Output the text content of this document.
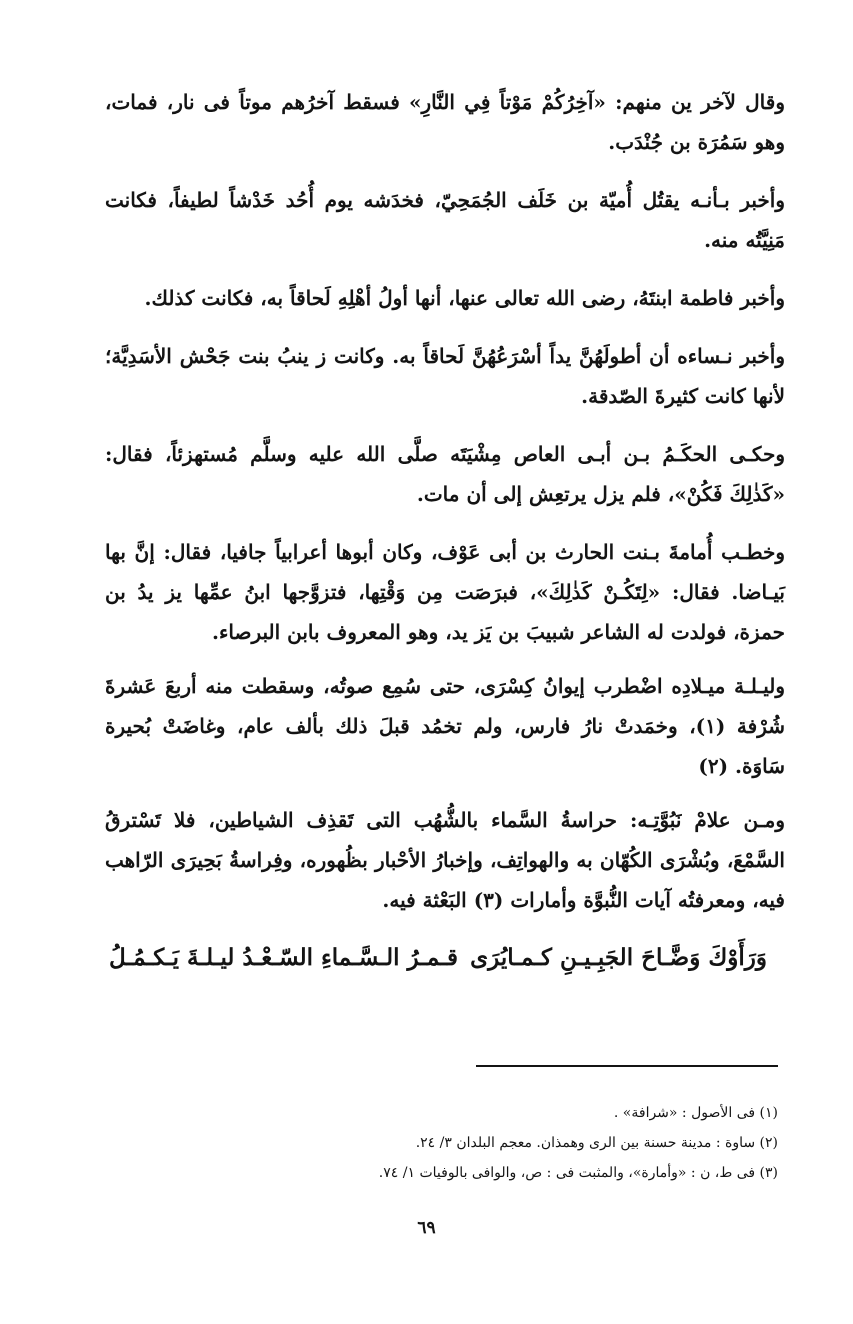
وقال لآخر ين منهم: «آخِرُكُمْ مَوْتاً فِي النَّارِ» فسقط آخرُهم موتاً فى نار، فمات، وهو سَمُرَة بن جُنْدَب.

وأخبر بـأنـه يقتُل أُميّة بن خَلَف الجُمَحِيّ، فخدَشه يوم أُحُد خَدْشاً لطيفاً، فكانت مَنِيَّتُه منه.

وأخبر فاطمة ابنتَهُ، رضى الله تعالى عنها، أنها أولُ أهْلِهِ لَحاقاً به، فكانت كذلك.

وأخبر نـساءه أن أطولَهُنَّ يداً أسْرَعُهُنَّ لَحاقاً به. وكانت ز ينبُ بنت جَحْش الأسَدِيَّة؛ لأنها كانت كثيرةَ الصّدقة.

وحكـى الحكَـمُ بـن أبـى العاص مِشْيَتَه صلَّى الله عليه وسلَّم مُستهزئاً، فقال: «كَذٰلِكَ فَكُنْ»، فلم يزل يرتعِش إلى أن مات.

وخطـب أُمامةَ بـنت الحارث بن أبى عَوْف، وكان أبوها أعرابياً جافيا، فقال: إنَّ بها بَيـاضا. فقال: «لِتَكُـنْ كَذٰلِكَ»، فبرَصَت مِن وَقْتِها، فتزوَّجها ابنُ عمِّها يز يدُ بن حمزة، فولدت له الشاعر شبيبَ بن يَز يد، وهو المعروف بابن البرصاء.

وليـلـة ميـلادِه اضْطرب إيوانُ كِسْرَى، حتى سُمِع صوتُه، وسقطت منه أربعَ عَشرةَ شُرْفة (١)، وخمَدتْ نارُ فارس، ولم تخمُد قبلَ ذلك بألف عام، وغاضَتْ بُحيرة سَاوَة. (٢)

ومـن علامْ نَبُوَّتِـه: حراسةُ السَّماء بالشُّهُب التى تَقذِف الشياطين، فلا تَسْترقُ السَّمْعَ، وبُشْرَى الكُهّان به والهواتِف، وإخبارُ الأحْبار بظُهوره، وفِراسةُ بَحِيرَى الرّاهب فيه، ومعرفتُه آيات النُّبوَّة وأمارات (٣) البَعْثة فيه.

وَرَأَوْكَ وَضَّـاحَ الجَبِـيـنِ كـمـايُرَى
قـمـرُ الـسَّـماءِ السّـعْـدُ ليـلـةَ يَـكـمُـلُ

(١) فى الأصول : «شرافة» .

(٢) ساوة : مدينة حسنة بين الرى وهمذان. معجم البلدان ٣/ ٢٤.

(٣) فى ط، ن : «وأمارة»، والمثبت فى : ص، والوافى بالوفيات ١/ ٧٤.

٦٩
